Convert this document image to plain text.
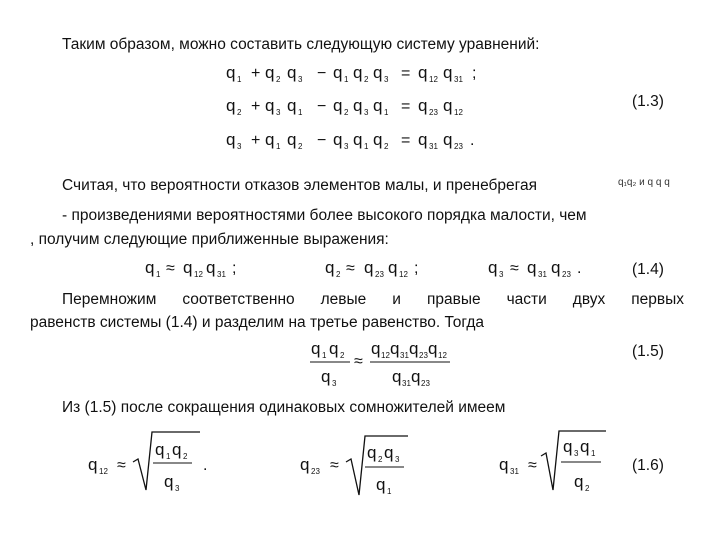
Таким образом, можно составить следующую систему уравнений:
Считая, что вероятности отказов элементов малы, и пренебрегая	q₁q₂ и q q q
- произведениями вероятностями более высокого порядка малости, чем
, получим следующие приближенные выражения:
Перемножим соответственно левые и правые части двух первых
равенств системы (1.4) и разделим на третье равенство. Тогда
Из (1.5) после сокращения одинаковых сомножителей имеем
(1.3)
(1.4)
(1.5)
(1.6)
q 1 + q 2 q 3 − q 1 q 2 q 3 = q 12 q 31 ;
q 2 + q 3 q 1 − q 2 q 3 q 1 = q 23 q 12
q 3 + q 1 q 2 − q 3 q 1 q 2 = q 31 q 23 .
q 1 ≈ q 12 q 31 ;	q 2 ≈ q 23 q 12 ;	q 3 ≈ q 31 q 23 .
q 1 q 2
q 3
≈
q 12 q 31 q 23 q 12
q 31 q 23
q 12 ≈
q 1 q 2
q 3
.	q 23 ≈
q 2 q 3
q 1
q 31 ≈
q 3 q 1
q 2
